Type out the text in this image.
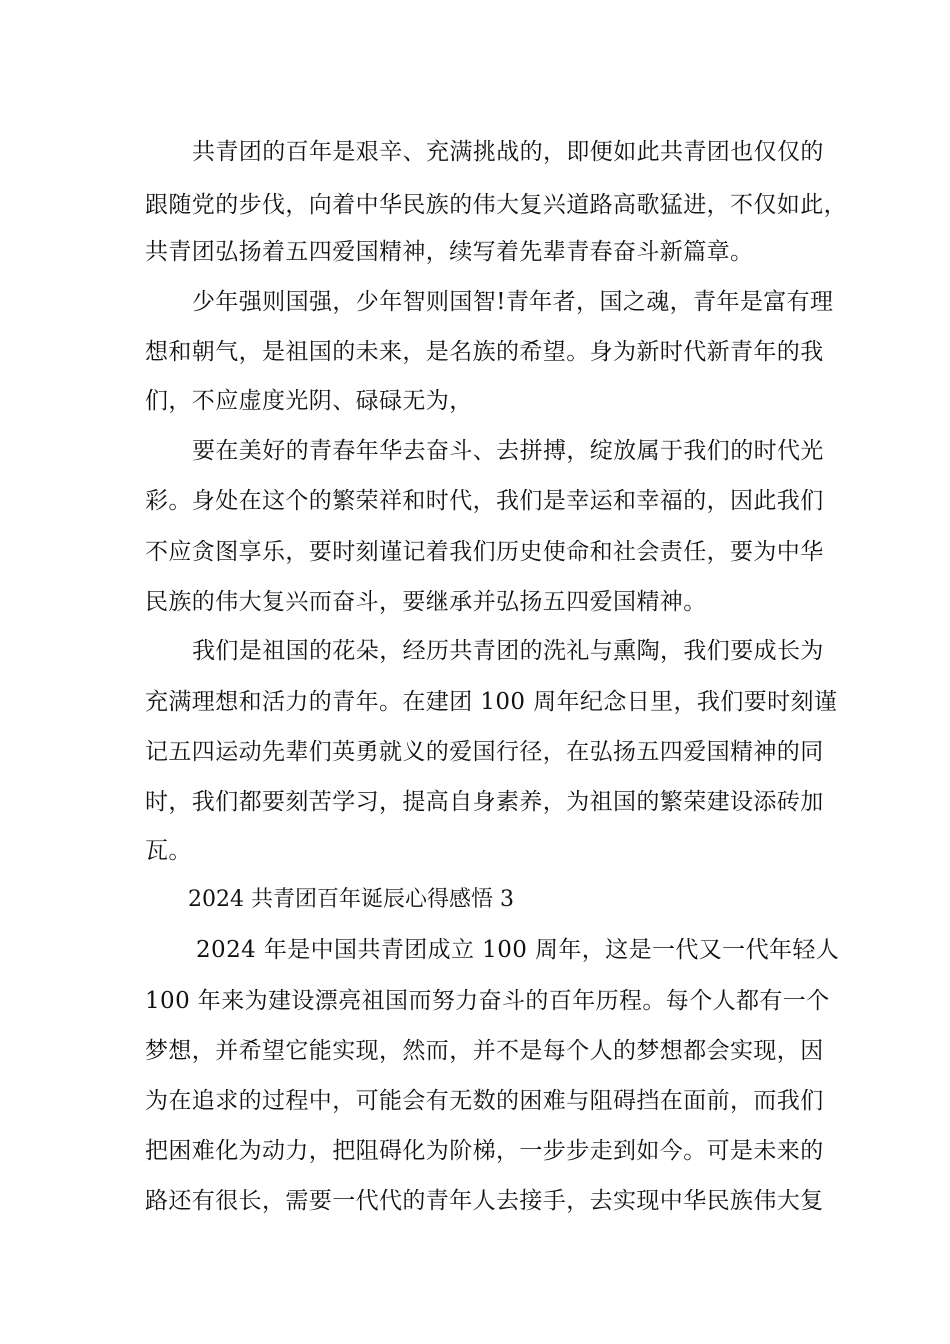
共青团的百年是艰辛、充满挑战的，即便如此共青团也仅仅的
跟随党的步伐，向着中华民族的伟大复兴道路高歌猛进，不仅如此，
共青团弘扬着五四爱国精神，续写着先辈青春奋斗新篇章。
少年强则国强，少年智则国智!青年者，国之魂，青年是富有理
想和朝气，是祖国的未来，是名族的希望。身为新时代新青年的我
们，不应虚度光阴、碌碌无为，
要在美好的青春年华去奋斗、去拼搏，绽放属于我们的时代光
彩。身处在这个的繁荣祥和时代，我们是幸运和幸福的，因此我们
不应贪图享乐，要时刻谨记着我们历史使命和社会责任，要为中华
民族的伟大复兴而奋斗，要继承并弘扬五四爱国精神。
我们是祖国的花朵，经历共青团的洗礼与熏陶，我们要成长为
充满理想和活力的青年。在建团 100 周年纪念日里，我们要时刻谨
记五四运动先辈们英勇就义的爱国行径，在弘扬五四爱国精神的同
时，我们都要刻苦学习，提高自身素养，为祖国的繁荣建设添砖加
瓦。
2024 共青团百年诞辰心得感悟 3
2024 年是中国共青团成立 100 周年，这是一代又一代年轻人
100 年来为建设漂亮祖国而努力奋斗的百年历程。每个人都有一个
梦想，并希望它能实现，然而，并不是每个人的梦想都会实现，因
为在追求的过程中，可能会有无数的困难与阻碍挡在面前，而我们
把困难化为动力，把阻碍化为阶梯，一步步走到如今。可是未来的
路还有很长，需要一代代的青年人去接手，去实现中华民族伟大复
